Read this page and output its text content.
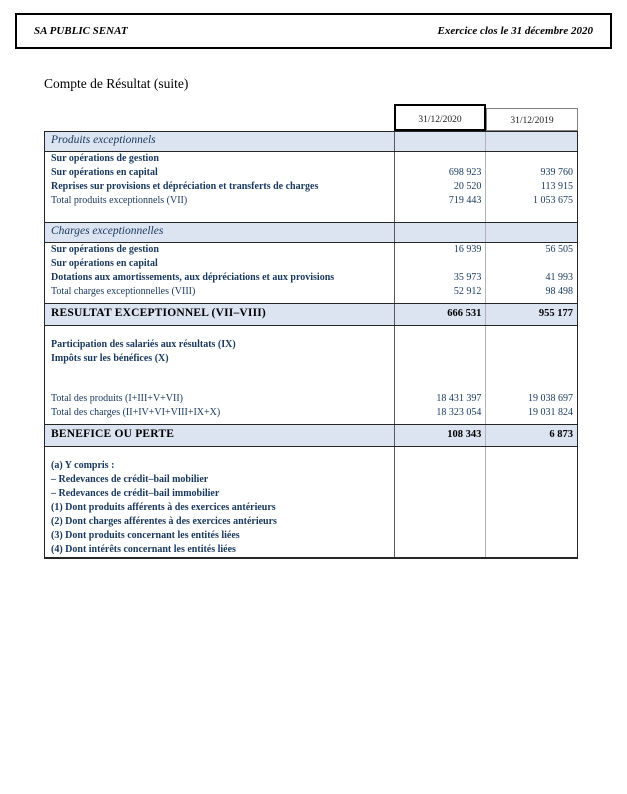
SA PUBLIC SENAT	Exercice clos le 31 décembre 2020
Compte de Résultat (suite)
31/12/2020	31/12/2019
Produits exceptionnels
Sur opérations de gestion
Sur opérations en capital	698 923	939 760
Reprises sur provisions et dépréciation et transferts de charges	20 520	113 915
Total produits exceptionnels (VII)	719 443	1 053 675
Charges exceptionnelles
Sur opérations de gestion	16 939	56 505
Sur opérations en capital
Dotations aux amortissements, aux dépréciations et aux provisions	35 973	41 993
Total charges exceptionnelles (VIII)	52 912	98 498
RESULTAT EXCEPTIONNEL (VII–VIII)	666 531	955 177
Participation des salariés aux résultats (IX)
Impôts sur les bénéfices (X)
Total des produits (I+III+V+VII)	18 431 397	19 038 697
Total des charges (II+IV+VI+VIII+IX+X)	18 323 054	19 031 824
BENEFICE OU PERTE	108 343	6 873
(a) Y compris :
– Redevances de crédit–bail mobilier
– Redevances de crédit–bail immobilier
(1) Dont produits afférents à des exercices antérieurs
(2) Dont charges afférentes à des exercices antérieurs
(3) Dont produits concernant les entités liées
(4) Dont intérêts concernant les entités liées
